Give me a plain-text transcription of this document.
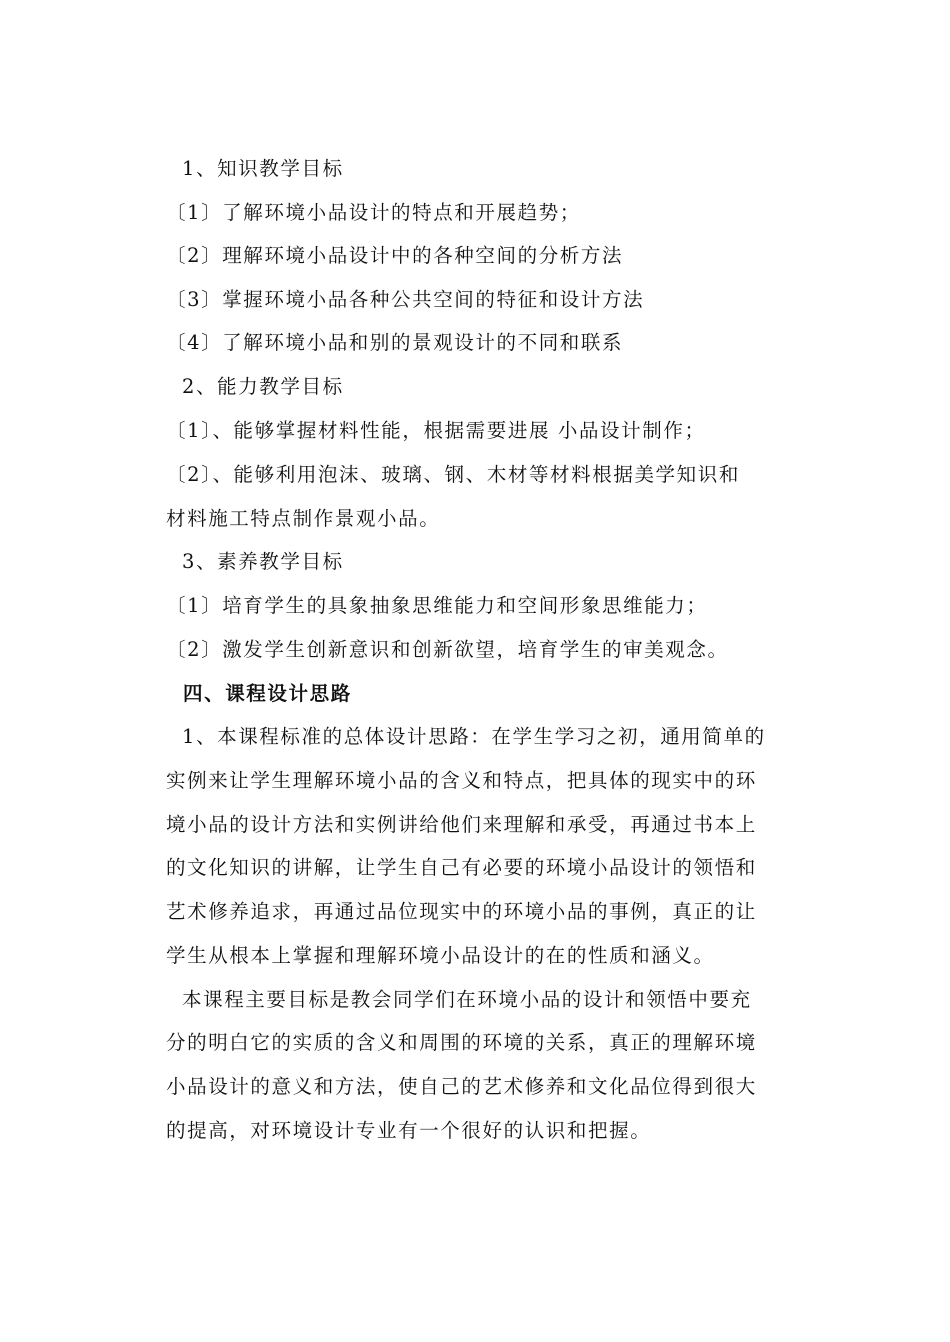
1、知识教学目标
〔1〕了解环境小品设计的特点和开展趋势；
〔2〕理解环境小品设计中的各种空间的分析方法
〔3〕掌握环境小品各种公共空间的特征和设计方法
〔4〕了解环境小品和别的景观设计的不同和联系
2、能力教学目标
〔1〕、能够掌握材料性能，根据需要进展 小品设计制作；
〔2〕、能够利用泡沫、玻璃、钢、木材等材料根据美学知识和
材料施工特点制作景观小品。
3、素养教学目标
〔1〕培育学生的具象抽象思维能力和空间形象思维能力；
〔2〕激发学生创新意识和创新欲望，培育学生的审美观念。
四、课程设计思路
1、本课程标准的总体设计思路：在学生学习之初，通用简单的
实例来让学生理解环境小品的含义和特点，把具体的现实中的环
境小品的设计方法和实例讲给他们来理解和承受，再通过书本上
的文化知识的讲解，让学生自己有必要的环境小品设计的领悟和
艺术修养追求，再通过品位现实中的环境小品的事例，真正的让
学生从根本上掌握和理解环境小品设计的在的性质和涵义。
本课程主要目标是教会同学们在环境小品的设计和领悟中要充
分的明白它的实质的含义和周围的环境的关系，真正的理解环境
小品设计的意义和方法，使自己的艺术修养和文化品位得到很大
的提高，对环境设计专业有一个很好的认识和把握。
